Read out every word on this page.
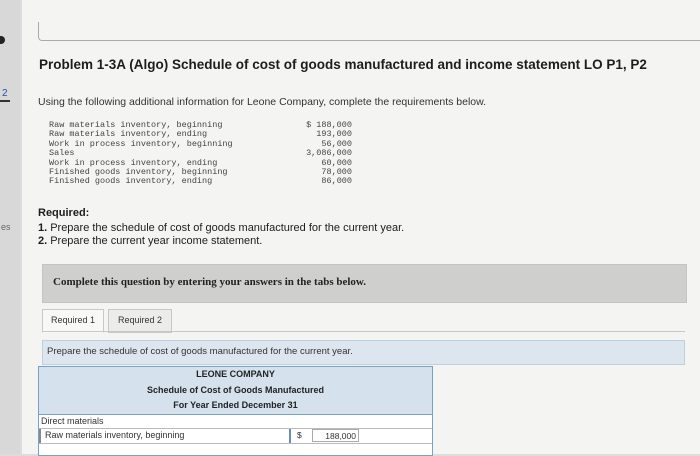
2
es
Problem 1-3A (Algo) Schedule of cost of goods manufactured and income statement LO P1, P2
Using the following additional information for Leone Company, complete the requirements below.
Raw materials inventory, beginning	$ 188,000
Raw materials inventory, ending	193,000
Work in process inventory, beginning	56,000
Sales	3,086,000
Work in process inventory, ending	60,000
Finished goods inventory, beginning	78,000
Finished goods inventory, ending	86,000
Required:
1. Prepare the schedule of cost of goods manufactured for the current year.
2. Prepare the current year income statement.
Complete this question by entering your answers in the tabs below.
Required 1	Required 2
Prepare the schedule of cost of goods manufactured for the current year.
LEONE COMPANY
Schedule of Cost of Goods Manufactured
For Year Ended December 31
Direct materials
Raw materials inventory, beginning	$	188,000
